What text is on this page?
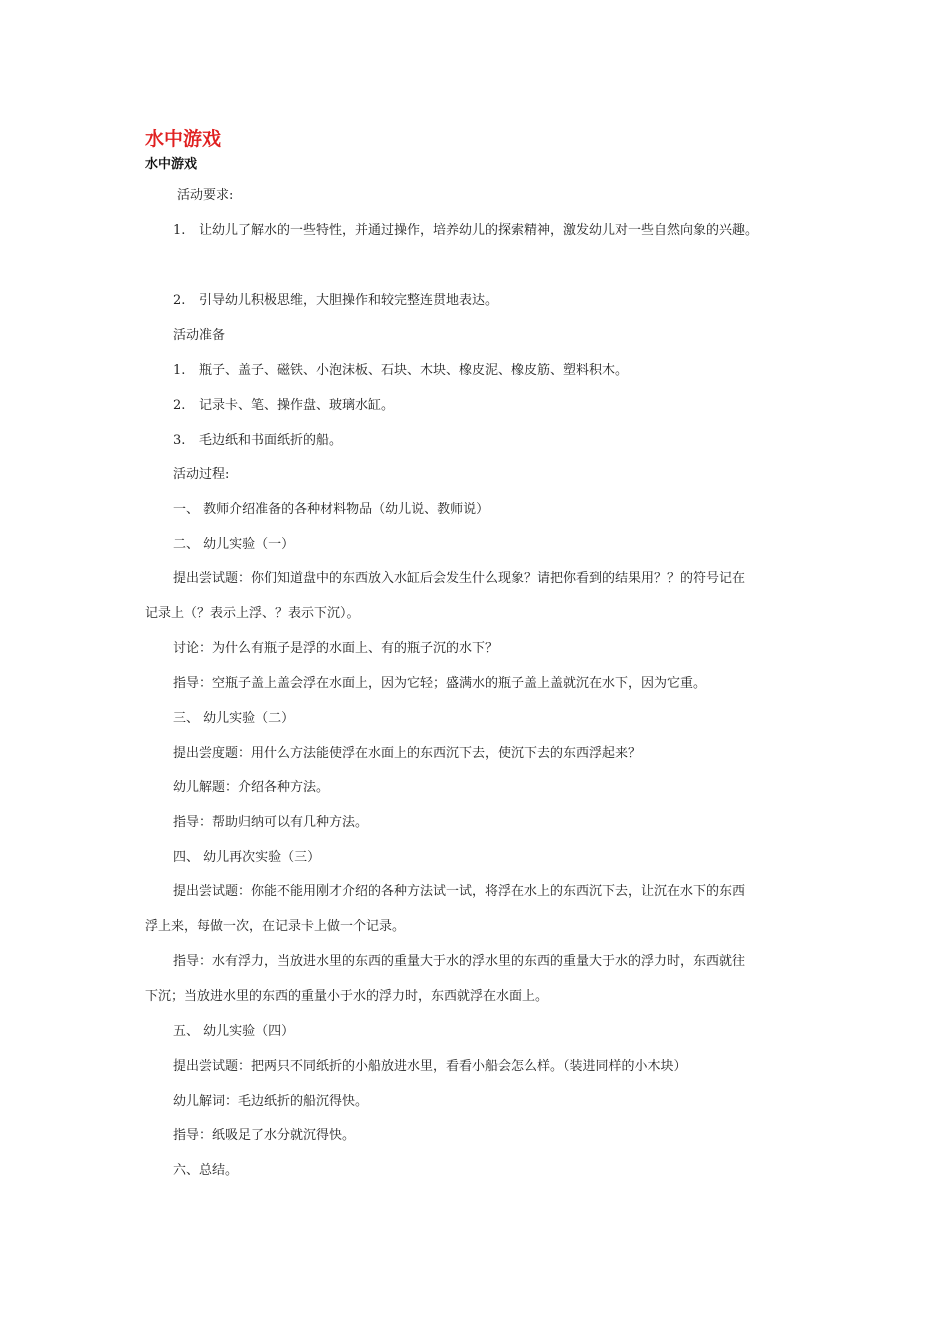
水中游戏
水中游戏
活动要求:
1. 让幼儿了解水的一些特性，并通过操作，培养幼儿的探索精神，激发幼儿对一些自然向象的兴趣。
2. 引导幼儿积极思维，大胆操作和较完整连贯地表达。
活动准备
1. 瓶子、盖子、磁铁、小泡沫板、石块、木块、橡皮泥、橡皮筋、塑料积木。
2. 记录卡、笔、操作盘、玻璃水缸。
3. 毛边纸和书面纸折的船。
活动过程:
一、 教师介绍准备的各种材料物品（幼儿说、教师说）
二、 幼儿实验（一）
提出尝试题：你们知道盘中的东西放入水缸后会发生什么现象？请把你看到的结果用？？的符号记在
记录上（？表示上浮、？表示下沉）。
讨论：为什么有瓶子是浮的水面上、有的瓶子沉的水下？
指导：空瓶子盖上盖会浮在水面上，因为它轻；盛满水的瓶子盖上盖就沉在水下，因为它重。
三、 幼儿实验（二）
提出尝度题：用什么方法能使浮在水面上的东西沉下去，使沉下去的东西浮起来？
幼儿解题：介绍各种方法。
指导：帮助归纳可以有几种方法。
四、 幼儿再次实验（三）
提出尝试题：你能不能用刚才介绍的各种方法试一试，将浮在水上的东西沉下去，让沉在水下的东西
浮上来，每做一次，在记录卡上做一个记录。
指导：水有浮力，当放进水里的东西的重量大于水的浮水里的东西的重量大于水的浮力时，东西就往
下沉；当放进水里的东西的重量小于水的浮力时，东西就浮在水面上。
五、 幼儿实验（四）
提出尝试题：把两只不同纸折的小船放进水里，看看小船会怎么样。（装进同样的小木块）
幼儿解词：毛边纸折的船沉得快。
指导：纸吸足了水分就沉得快。
六、总结。
